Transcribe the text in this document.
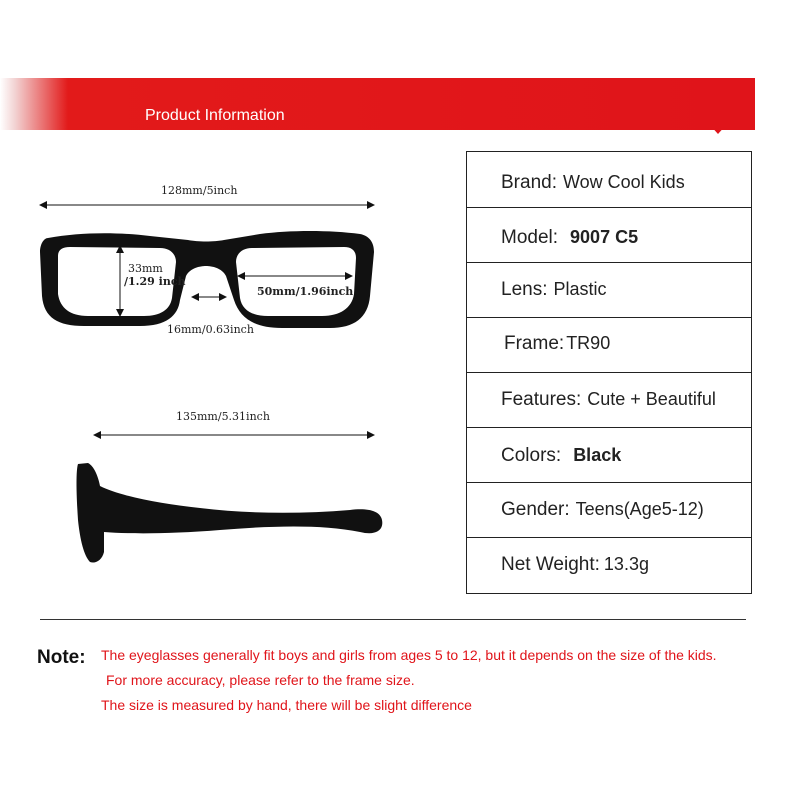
Product Information
128mm/5inch
33mm
/1.29 inch
50mm/1.96inch
16mm/0.63inch
135mm/5.31inch
Brand: Wow Cool Kids
Model: 9007 C5
Lens: Plastic
Frame: TR90
Features: Cute + Beautiful
Colors: Black
Gender: Teens(Age5-12)
Net Weight: 13.3g
Note: The eyeglasses generally fit boys and girls from ages 5 to 12, but it depends on the size of the kids.
For more accuracy, please refer to the frame size.
The size is measured by hand, there will be slight difference
